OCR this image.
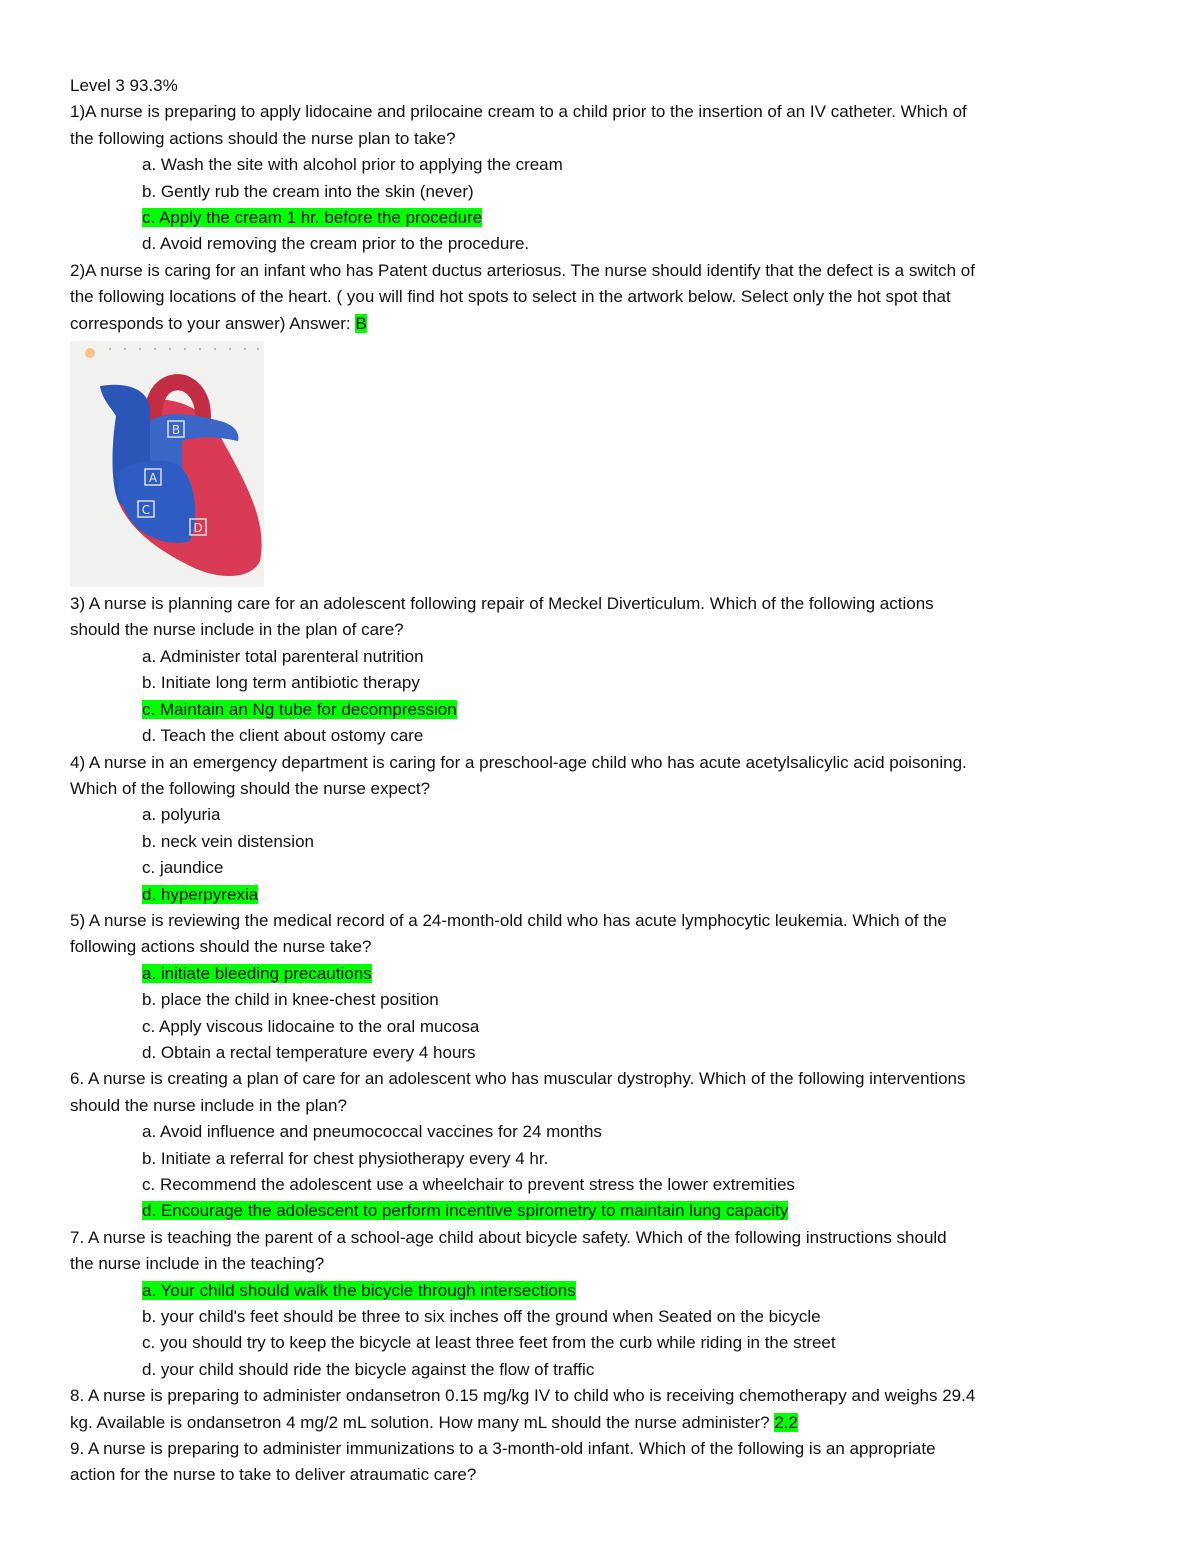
Level 3 93.3%
1)A nurse is preparing to apply lidocaine and prilocaine cream to a child prior to the insertion of an IV catheter. Which of
the following actions should the nurse plan to take?
a. Wash the site with alcohol prior to applying the cream
b. Gently rub the cream into the skin (never)
c. Apply the cream 1 hr. before the procedure
d. Avoid removing the cream prior to the procedure.
2)A nurse is caring for an infant who has Patent ductus arteriosus. The nurse should identify that the defect is a switch of
the following locations of the heart. ( you will find hot spots to select in the artwork below. Select only the hot spot that
corresponds to your answer) Answer: B
B
A
C
D
3) A nurse is planning care for an adolescent following repair of Meckel Diverticulum. Which of the following actions
should the nurse include in the plan of care?
a. Administer total parenteral nutrition
b. Initiate long term antibiotic therapy
c. Maintain an Ng tube for decompression
d. Teach the client about ostomy care
4) A nurse in an emergency department is caring for a preschool-age child who has acute acetylsalicylic acid poisoning.
Which of the following should the nurse expect?
a. polyuria
b. neck vein distension
c. jaundice
d. hyperpyrexia
5) A nurse is reviewing the medical record of a 24-month-old child who has acute lymphocytic leukemia. Which of the
following actions should the nurse take?
a. initiate bleeding precautions
b. place the child in knee-chest position
c. Apply viscous lidocaine to the oral mucosa
d. Obtain a rectal temperature every 4 hours
6. A nurse is creating a plan of care for an adolescent who has muscular dystrophy. Which of the following interventions
should the nurse include in the plan?
a. Avoid influence and pneumococcal vaccines for 24 months
b. Initiate a referral for chest physiotherapy every 4 hr.
c. Recommend the adolescent use a wheelchair to prevent stress the lower extremities
d. Encourage the adolescent to perform incentive spirometry to maintain lung capacity
7. A nurse is teaching the parent of a school-age child about bicycle safety. Which of the following instructions should
the nurse include in the teaching?
a. Your child should walk the bicycle through intersections
b. your child's feet should be three to six inches off the ground when Seated on the bicycle
c. you should try to keep the bicycle at least three feet from the curb while riding in the street
d. your child should ride the bicycle against the flow of traffic
8. A nurse is preparing to administer ondansetron 0.15 mg/kg IV to child who is receiving chemotherapy and weighs 29.4
kg. Available is ondansetron 4 mg/2 mL solution. How many mL should the nurse administer? 2.2
9. A nurse is preparing to administer immunizations to a 3-month-old infant. Which of the following is an appropriate
action for the nurse to take to deliver atraumatic care?
